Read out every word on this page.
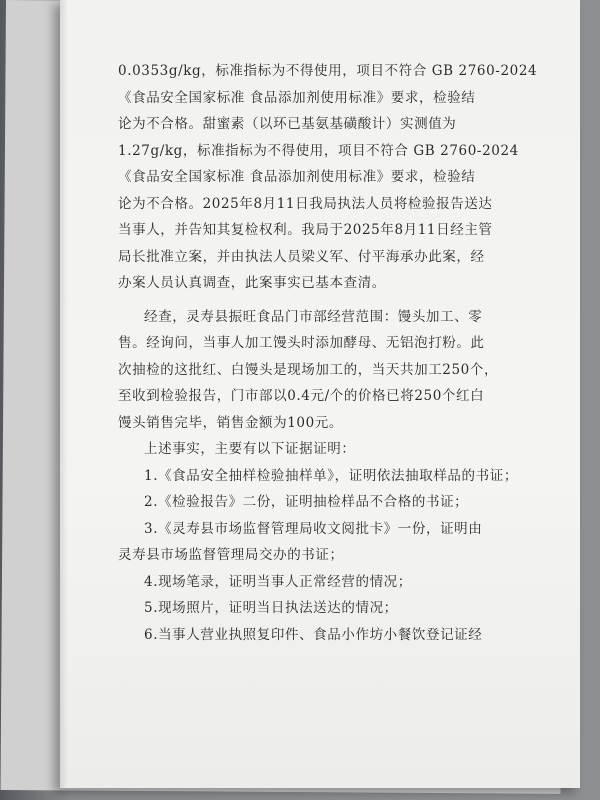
0.0353g/kg，标准指标为不得使用，项目不符合 GB 2760-2024
《食品安全国家标准 食品添加剂使用标准》要求，检验结
论为不合格。甜蜜素（以环已基氨基磺酸计）实测值为
1.27g/kg，标准指标为不得使用，项目不符合 GB 2760-2024
《食品安全国家标准 食品添加剂使用标准》要求，检验结
论为不合格。2025年8月11日我局执法人员将检验报告送达
当事人，并告知其复检权利。我局于2025年8月11日经主管
局长批准立案，并由执法人员梁义军、付平海承办此案，经
办案人员认真调查，此案事实已基本查清。
经查，灵寿县振旺食品门市部经营范围：馒头加工、零
售。经询问，当事人加工馒头时添加酵母、无铝泡打粉。此
次抽检的这批红、白馒头是现场加工的，当天共加工250个，
至收到检验报告，门市部以0.4元/个的价格已将250个红白
馒头销售完毕，销售金额为100元。
上述事实，主要有以下证据证明：
1.《食品安全抽样检验抽样单》，证明依法抽取样品的书证；
2.《检验报告》二份，证明抽检样品不合格的书证；
3.《灵寿县市场监督管理局收文阅批卡》一份，证明由
灵寿县市场监督管理局交办的书证；
4.现场笔录，证明当事人正常经营的情况；
5.现场照片，证明当日执法送达的情况；
6.当事人营业执照复印件、食品小作坊小餐饮登记证经
